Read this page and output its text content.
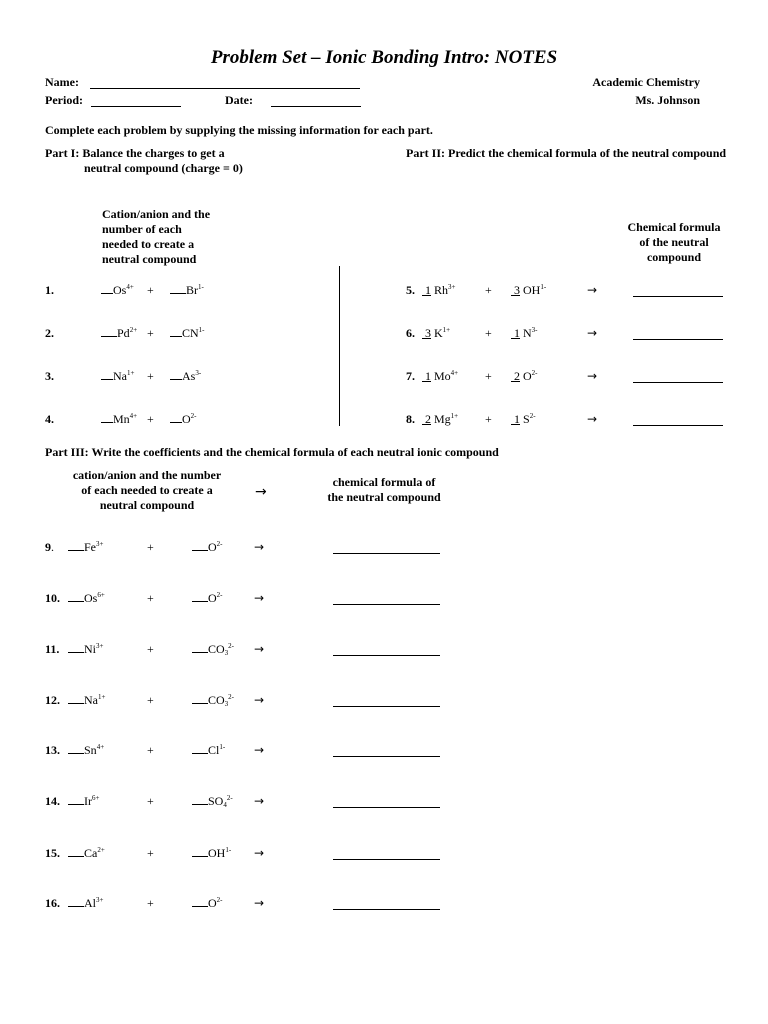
Problem Set – Ionic Bonding Intro: NOTES
Name:
Period:	Date:
Academic Chemistry
Ms. Johnson
Complete each problem by supplying the missing information for each part.
Part I: Balance the charges to get a
neutral compound (charge = 0)
Part II: Predict the chemical formula of the neutral compound
Cation/anion and the
number of each
needed to create a
neutral compound
Chemical formula
of the neutral
compound
1.	$Os^{4+}$ +	$Br^{1-}$
2.	$Pd^{2+}$ +	$CN^{1-}$
3.	$Na^{1+}$ +	$As^{3-}$
4.	$Mn^{4+}$ +	$O^{2-}$
5. 1 $Rh^{3+} + 3$ $OH^{1-}$	→
6. 3 $K^{1+}$	+ 1 $N^{3-}$	→
7. 1 $Mo^{4+} + 2$ $O^{2-}$	→
8. 2 $Mg^{1+} + 1$ $S^{2-}$	→
Part III: Write the coefficients and the chemical formula of each neutral ionic compound
cation/anion and the number
of each needed to create a
neutral compound
→
chemical formula of
the neutral compound
9.	$Fe^{3+}$	+	$O^{2-}$	→
10.	$Os^{6+}$	+	$O^{2-}$	→
11.	$Ni^{3+}$	+	$CO_3^{2-}$ →
12.	$Na^{1+}$	+	$CO_3^{2-}$ →
13.	$Sn^{4+}$	+	$Cl^{1-}$ →
14.	$Ir^{6+}$	+	$SO_4^{2-}$ →
15.	$Ca^{2+}$	+	$OH^{1-}$ →
16.	$Al^{3+}$	+	$O^{2-}$	→
